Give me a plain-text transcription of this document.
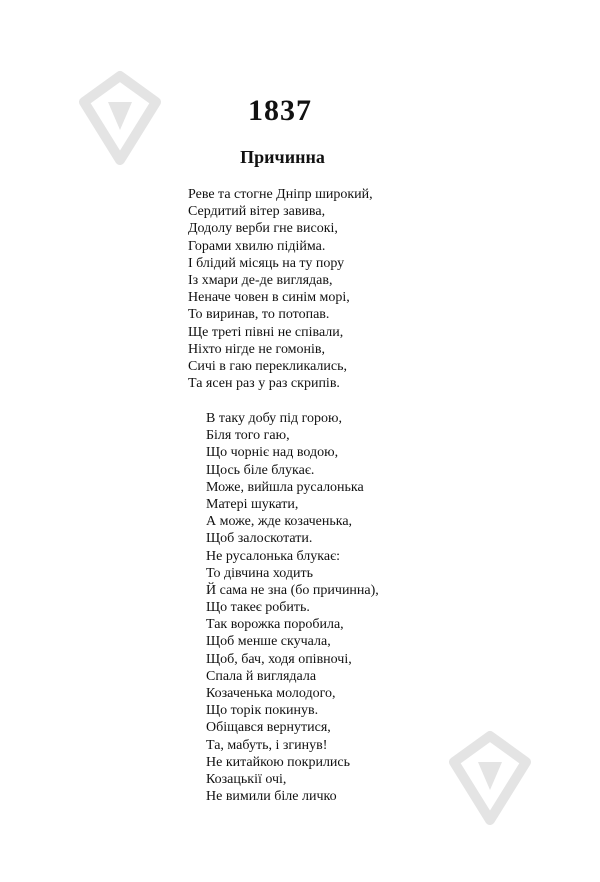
1837
Причинна
Реве та стогне Дніпр широкий,
Сердитий вітер завива,
Додолу верби гне високі,
Горами хвилю підійма.
І блідий місяць на ту пору
Із хмари де-де виглядав,
Неначе човен в синім морі,
То виринав, то потопав.
Ще треті півні не співали,
Ніхто нігде не гомонів,
Сичі в гаю перекликались,
Та ясен раз у раз скрипів.
В таку добу під горою,
Біля того гаю,
Що чорніє над водою,
Щось біле блукає.
Може, вийшла русалонька
Матері шукати,
А може, жде козаченька,
Щоб залоскотати.
Не русалонька блукає:
То дівчина ходить
Й сама не зна (бо причинна),
Що такеє робить.
Так ворожка поробила,
Щоб менше скучала,
Щоб, бач, ходя опівночі,
Спала й виглядала
Козаченька молодого,
Що торік покинув.
Обіщався вернутися,
Та, мабуть, і згинув!
Не китайкою покрились
Козацькії очі,
Не вимили біле личко
